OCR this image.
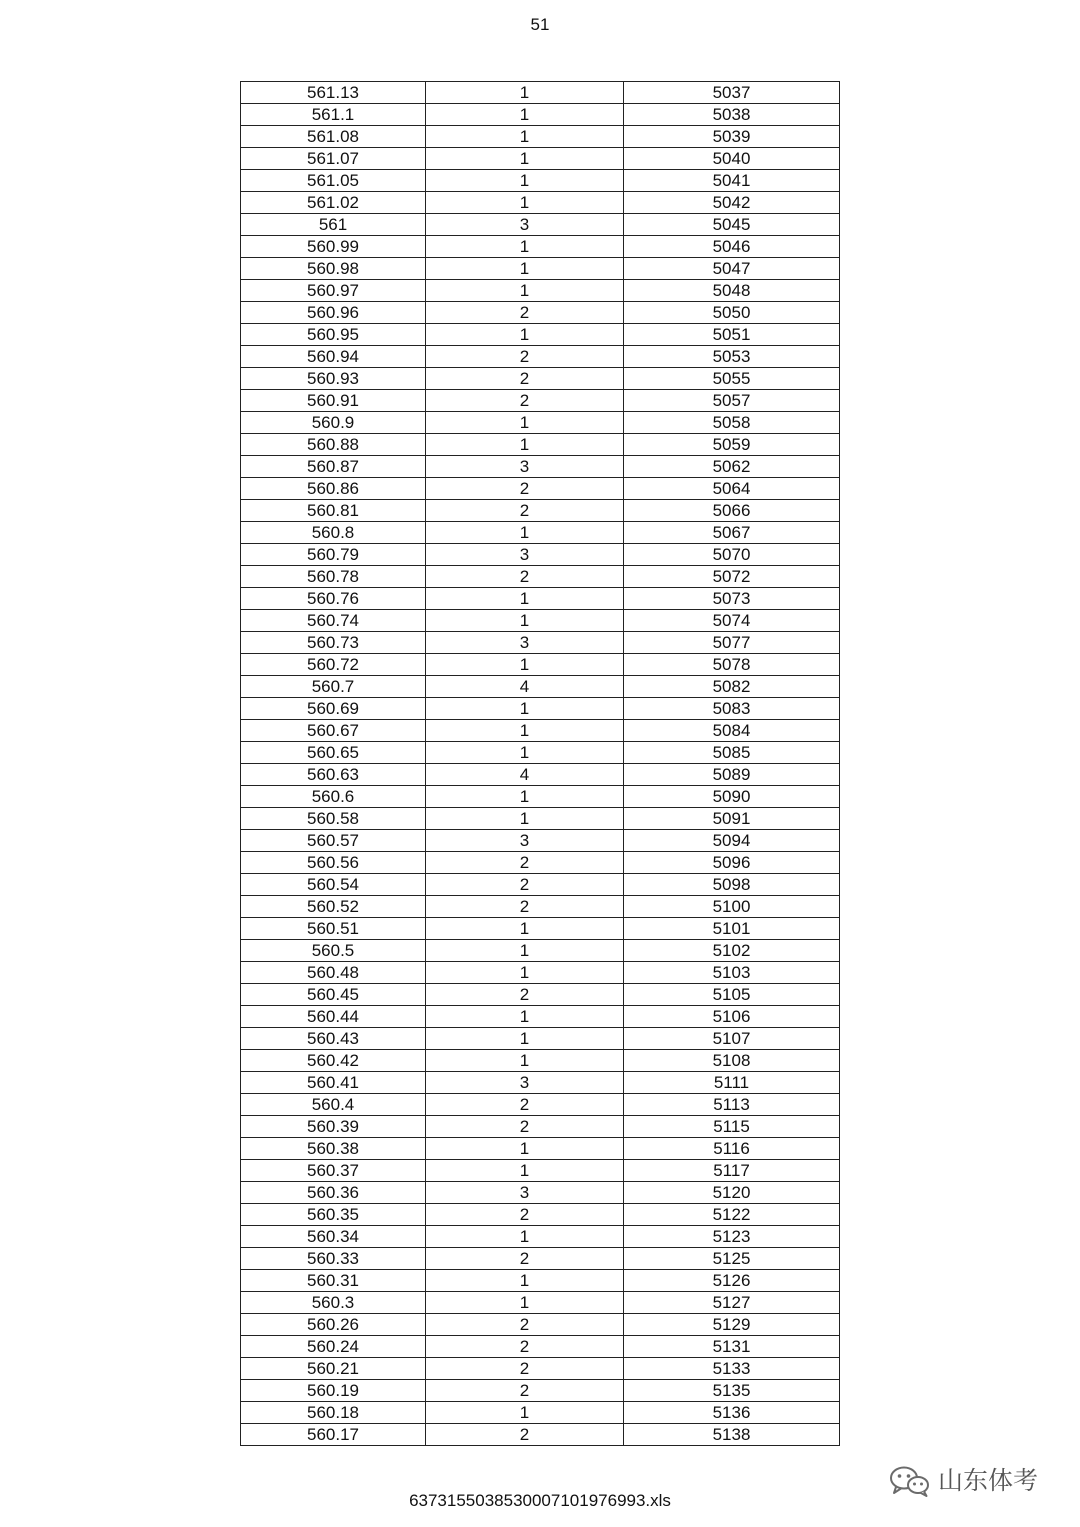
51
561.13	1	5037
561.1	1	5038
561.08	1	5039
561.07	1	5040
561.05	1	5041
561.02	1	5042
561	3	5045
560.99	1	5046
560.98	1	5047
560.97	1	5048
560.96	2	5050
560.95	1	5051
560.94	2	5053
560.93	2	5055
560.91	2	5057
560.9	1	5058
560.88	1	5059
560.87	3	5062
560.86	2	5064
560.81	2	5066
560.8	1	5067
560.79	3	5070
560.78	2	5072
560.76	1	5073
560.74	1	5074
560.73	3	5077
560.72	1	5078
560.7	4	5082
560.69	1	5083
560.67	1	5084
560.65	1	5085
560.63	4	5089
560.6	1	5090
560.58	1	5091
560.57	3	5094
560.56	2	5096
560.54	2	5098
560.52	2	5100
560.51	1	5101
560.5	1	5102
560.48	1	5103
560.45	2	5105
560.44	1	5106
560.43	1	5107
560.42	1	5108
560.41	3	5111
560.4	2	5113
560.39	2	5115
560.38	1	5116
560.37	1	5117
560.36	3	5120
560.35	2	5122
560.34	1	5123
560.33	2	5125
560.31	1	5126
560.3	1	5127
560.26	2	5129
560.24	2	5131
560.21	2	5133
560.19	2	5135
560.18	1	5136
560.17	2	5138
山东体考
6373155038530007101976993.xls
